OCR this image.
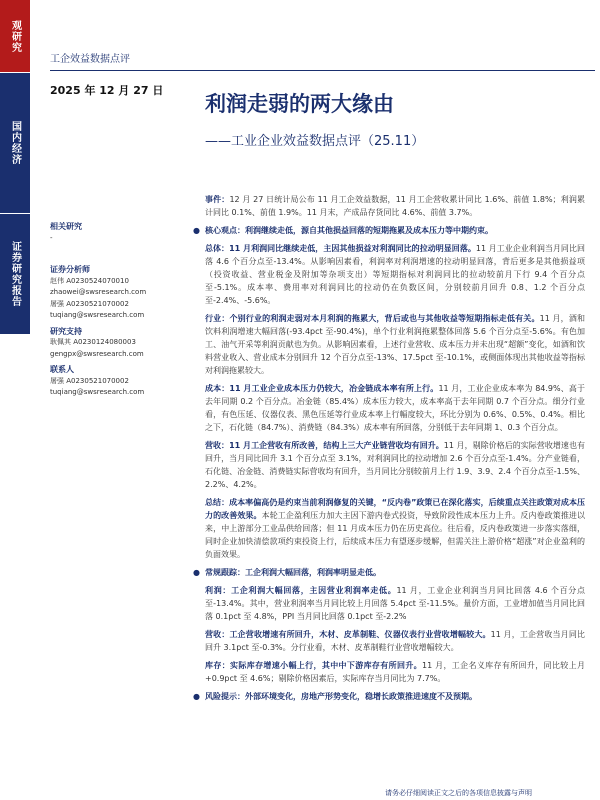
观研究
国内经济
证券研究报告
工企效益数据点评
2025 年 12 月 27 日
利润走弱的两大缘由
——工业企业效益数据点评（25.11）
相关研究
-
证券分析师
赵伟 A0230524070010
zhaowei@swsresearch.com
屠强 A0230521070002
tuqiang@swsresearch.com
研究支持
耿佩其 A0230124080003
gengpx@swsresearch.com
联系人
屠强 A0230521070002
tuqiang@swsresearch.com

事件：12 月 27 日统计局公布 11 月工企效益数据，11 月工企营收累计同比 1.6%、前值 1.8%；利润累计同比 0.1%、前值 1.9%。11 月末，产成品存货同比 4.6%、前值 3.7%。

● 核心观点：利润继续走低，源自其他损益回落的短期拖累及成本压力等中期约束。

总体：11 月利润同比继续走低，主因其他损益对利润同比的拉动明显回落。11 月工业企业利润当月同比回落 4.6 个百分点至-13.4%。从影响因素看，利润率对利润增速的拉动明显回落，背后更多是其他损益项（投资收益、营业税金及附加等杂项支出）等短期指标对利润同比的拉动较前月下行 9.4 个百分点至-5.1%。成本率、费用率对利润同比的拉动仍在负数区间，分别较前月回升 0.8、1.2 个百分点至-2.4%、-5.6%。

行业：个别行业的利润走弱对本月利润的拖累大，背后或也与其他收益等短期指标走低有关。11 月，酒和饮料利润增速大幅回落(-93.4pct 至-90.4%)，单个行业利润拖累整体回落 5.6 个百分点至-5.6%。有色加工、油气开采等利润贡献也为负。从影响因素看，上述行业营收、成本压力并未出现“超额”变化，如酒和饮料营业收入、营业成本分别回升 12 个百分点至-13%、17.5pct 至-10.1%，或侧面体现出其他收益等指标对利润拖累较大。

成本：11 月工业企业成本压力仍较大，冶金链成本率有所上行。11 月，工业企业成本率为 84.9%、高于去年同期 0.2 个百分点。冶金链（85.4%）成本压力较大，成本率高于去年同期 0.7 个百分点。细分行业看，有色压延、仪器仪表、黑色压延等行业成本率上行幅度较大，环比分别为 0.6%、0.5%、0.4%。相比之下，石化链（84.7%）、消费链（84.3%）成本率有所回落，分别低于去年同期 1、0.3 个百分点。

营收：11 月工企营收有所改善，结构上三大产业链营收均有回升。11 月，剔除价格后的实际营收增速也有回升，当月同比回升 3.1 个百分点至 3.1%，对利润同比的拉动增加 2.6 个百分点至-1.4%。分产业链看，石化链、冶金链、消费链实际营收均有回升，当月同比分别较前月上行 1.9、3.9、2.4 个百分点至-1.5%、2.2%、4.2%。

总结：成本率偏高仍是约束当前利润修复的关键，“反内卷”政策已在深化落实，后续重点关注政策对成本压力的改善效果。本轮工企盈利压力加大主因下游内卷式投资，导致阶段性成本压力上升。反内卷政策推进以来，中上游部分工业品供给回落；但 11 月成本压力仍在历史高位。往后看，反内卷政策进一步落实落细，同时企业加快清偿款项约束投资上行，后续成本压力有望逐步缓解，但需关注上游价格“超涨”对企业盈利的负面效果。

● 常规跟踪：工企利润大幅回落，利润率明显走低。

利润：工企利润大幅回落，主因营业利润率走低。11 月，工业企业利润当月同比回落 4.6 个百分点至-13.4%。其中，营业利润率当月同比较上月回落 5.4pct 至-11.5%。量价方面，工业增加值当月同比回落 0.1pct 至 4.8%，PPI 当月同比回落 0.1pct 至-2.2%

营收：工企营收增速有所回升，木材、皮革制鞋、仪器仪表行业营收增幅较大。11 月，工企营收当月同比回升 3.1pct 至-0.3%。分行业看，木材、皮革制鞋行业营收增幅较大。

库存：实际库存增速小幅上行，其中中下游库存有所回升。11 月，工企名义库存有所回升，同比较上月+0.9pct 至 4.6%；剔除价格因素后，实际库存当月同比为 7.7%。

● 风险提示：外部环境变化，房地产形势变化，稳增长政策推进速度不及预期。
请务必仔细阅读正文之后的各项信息披露与声明
